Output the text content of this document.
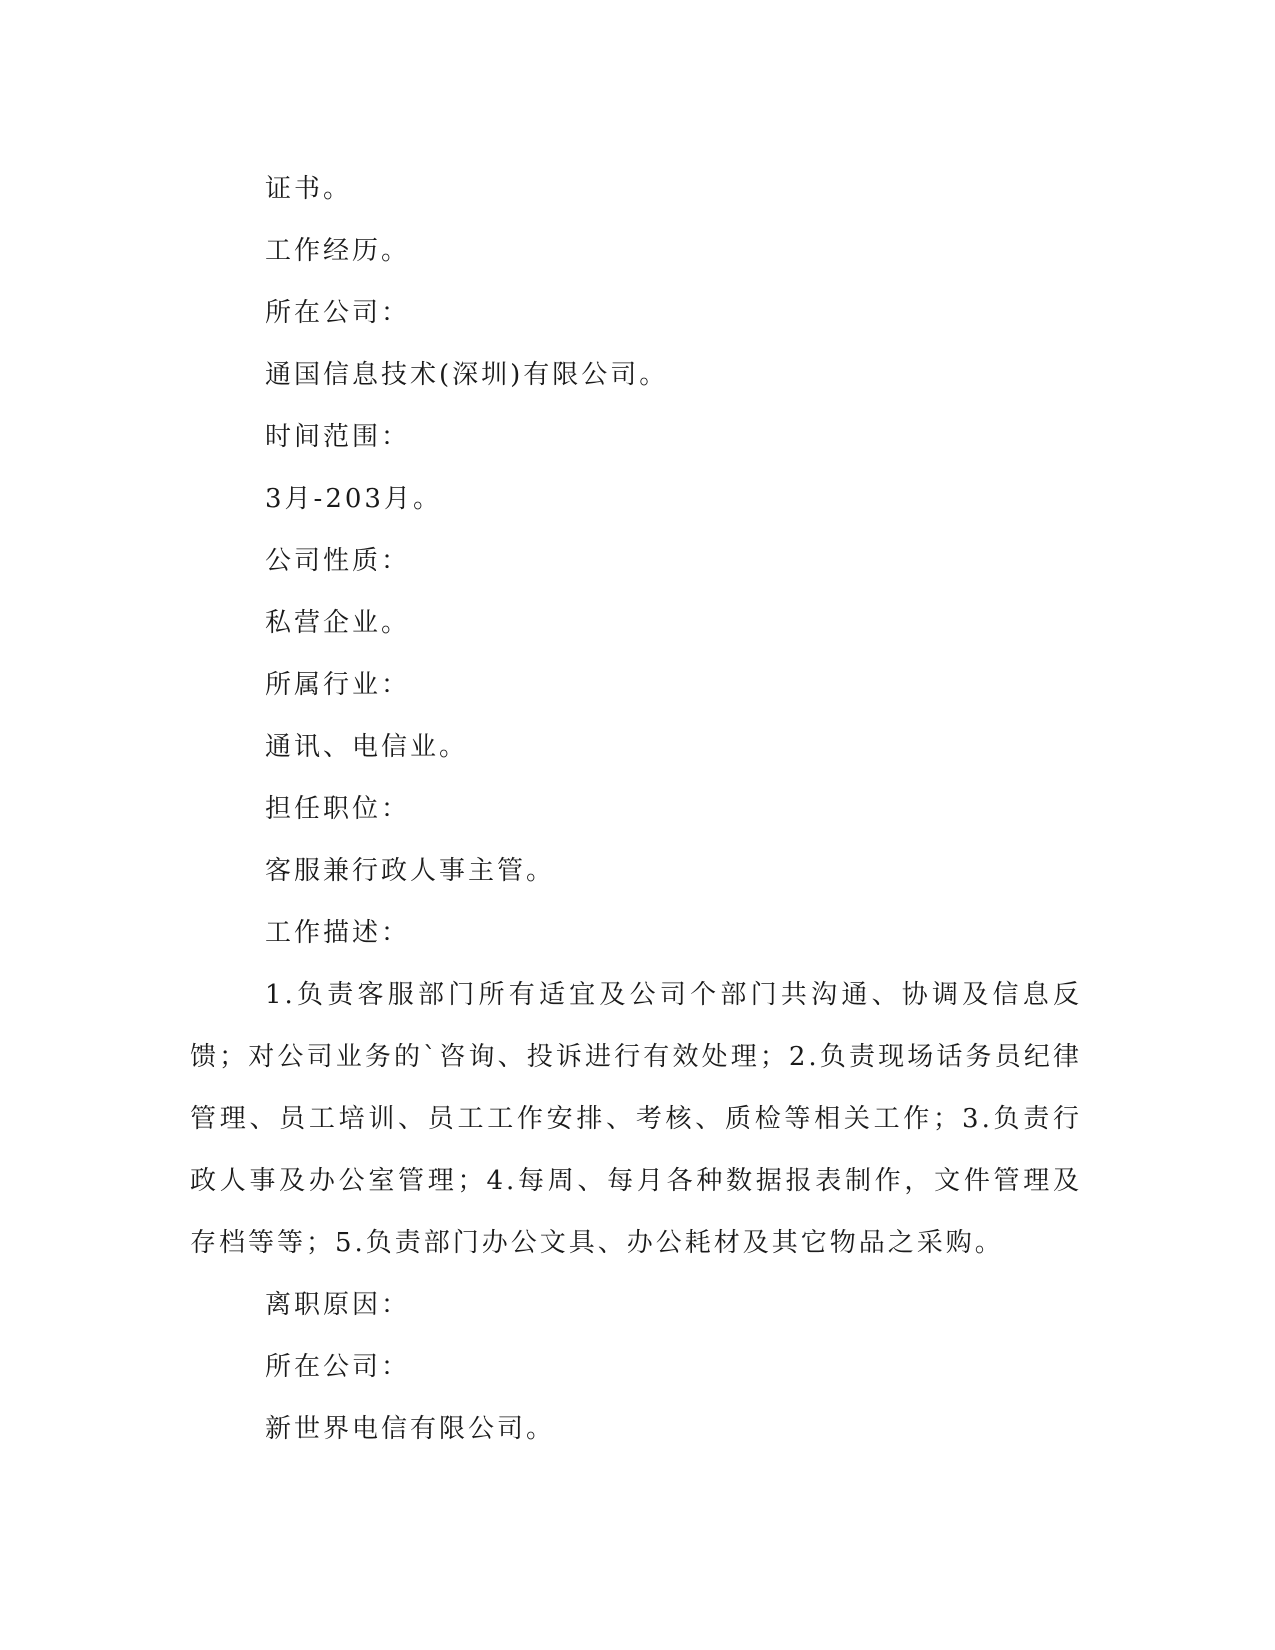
证书。
工作经历。
所在公司：
通国信息技术(深圳)有限公司。
时间范围：
3月-203月。
公司性质：
私营企业。
所属行业：
通讯、电信业。
担任职位：
客服兼行政人事主管。
工作描述：

1.负责客服部门所有适宜及公司个部门共沟通、协调及信息反馈；对公司业务的`咨询、投诉进行有效处理；2.负责现场话务员纪律管理、员工培训、员工工作安排、考核、质检等相关工作；3.负责行政人事及办公室管理；4.每周、每月各种数据报表制作，文件管理及存档等等；5.负责部门办公文具、办公耗材及其它物品之采购。

离职原因：
所在公司：
新世界电信有限公司。
